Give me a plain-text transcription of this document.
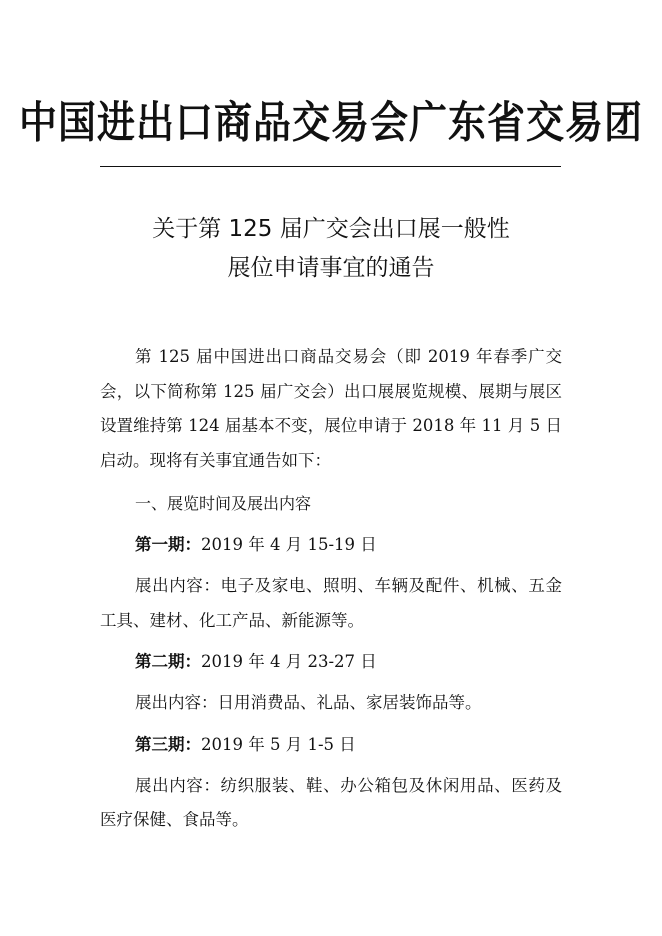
中国进出口商品交易会广东省交易团
关于第 125 届广交会出口展一般性
展位申请事宜的通告

第 125 届中国进出口商品交易会（即 2019 年春季广交会，以下简称第 125 届广交会）出口展展览规模、展期与展区设置维持第 124 届基本不变，展位申请于 2018 年 11 月 5 日启动。现将有关事宜通告如下：

一、展览时间及展出内容

第一期：2019 年 4 月 15-19 日

展出内容：电子及家电、照明、车辆及配件、机械、五金工具、建材、化工产品、新能源等。

第二期：2019 年 4 月 23-27 日

展出内容：日用消费品、礼品、家居装饰品等。

第三期：2019 年 5 月 1-5 日

展出内容：纺织服装、鞋、办公箱包及休闲用品、医药及医疗保健、食品等。
